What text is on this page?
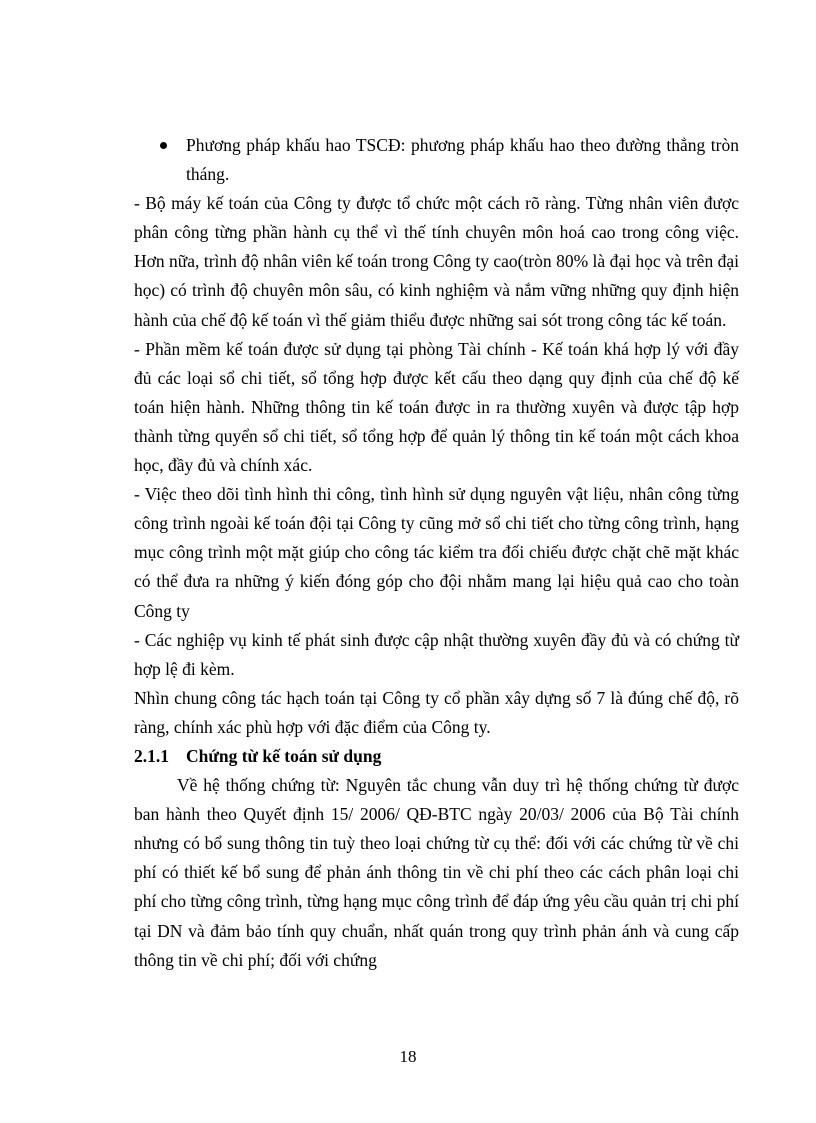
Phương pháp khấu hao TSCĐ: phương pháp khấu hao theo đường thẳng tròn tháng.

- Bộ máy kế toán của Công ty được tổ chức một cách rõ ràng. Từng nhân viên được phân công từng phần hành cụ thể vì thế tính chuyên môn hoá cao trong công việc. Hơn nữa, trình độ nhân viên kế toán trong Công ty cao(tròn 80% là đại học và trên đại học) có trình độ chuyên môn sâu, có kinh nghiệm và nắm vững những quy định hiện hành của chế độ kế toán vì thế giảm thiểu được những sai sót trong công tác kế toán.

- Phần mềm kế toán được sử dụng tại phòng Tài chính - Kế toán khá hợp lý với đầy đủ các loại sổ chi tiết, sổ tổng hợp được kết cấu theo dạng quy định của chế độ kế toán hiện hành. Những thông tin kế toán được in ra thường xuyên và được tập hợp thành từng quyển sổ chi tiết, sổ tổng hợp để quản lý thông tin kế toán một cách khoa học, đầy đủ và chính xác.

- Việc theo dõi tình hình thi công, tình hình sử dụng nguyên vật liệu, nhân công từng công trình ngoài kế toán đội tại Công ty cũng mở sổ chi tiết cho từng công trình, hạng mục công trình một mặt giúp cho công tác kiểm tra đối chiếu được chặt chẽ mặt khác có thể đưa ra những ý kiến đóng góp cho đội nhằm mang lại hiệu quả cao cho toàn Công ty

- Các nghiệp vụ kinh tế phát sinh được cập nhật thường xuyên đầy đủ và có chứng từ hợp lệ đi kèm.

Nhìn chung công tác hạch toán tại Công ty cổ phần xây dựng số 7 là đúng chế độ, rõ ràng, chính xác phù hợp với đặc điểm của Công ty.

2.1.1 Chứng từ kế toán sử dụng

Về hệ thống chứng từ: Nguyên tắc chung vẫn duy trì hệ thống chứng từ được ban hành theo Quyết định 15/ 2006/ QĐ-BTC ngày 20/03/ 2006 của Bộ Tài chính nhưng có bổ sung thông tin tuỳ theo loại chứng từ cụ thể: đối với các chứng từ về chi phí có thiết kế bổ sung để phản ánh thông tin về chi phí theo các cách phân loại chi phí cho từng công trình, từng hạng mục công trình để đáp ứng yêu cầu quản trị chi phí tại DN và đảm bảo tính quy chuẩn, nhất quán trong quy trình phản ánh và cung cấp thông tin về chi phí; đối với chứng

18
